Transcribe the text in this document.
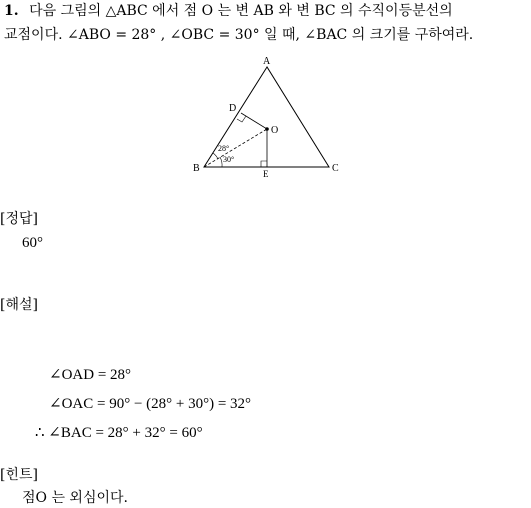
1. 다음 그림의 △ABC 에서 점 O 는 변 AB 와 변 BC 의 수직이등분선의
교점이다. ∠ABO = 28° , ∠OBC = 30° 일 때, ∠BAC 의 크기를 구하여라.
A
B	C
D
E
O
28°
30°
[정답]
60°
[해설]
∠OAD = 28°
∠OAC = 90° − (28° + 30°) = 32°
∴ ∠BAC = 28° + 32° = 60°
[힌트]
점O 는 외심이다.
